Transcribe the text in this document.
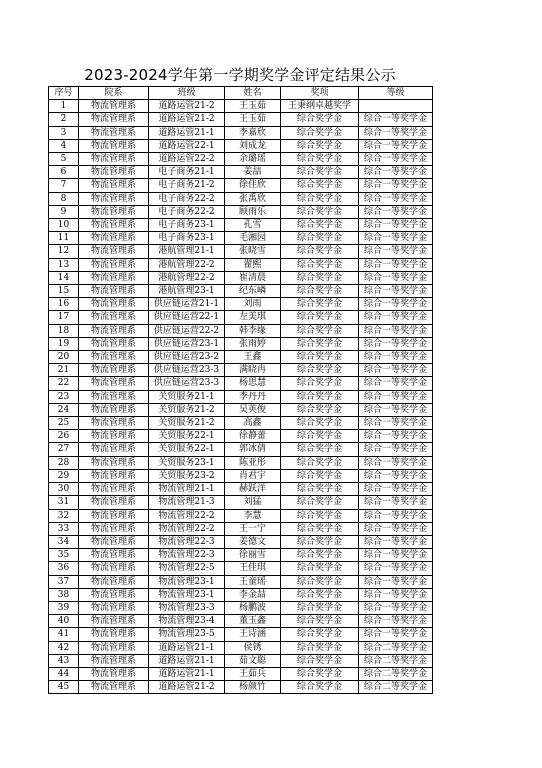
2023-2024学年第一学期奖学金评定结果公示
序号	院系	班级	姓名	奖项	等级
1	物流管理系	道路运管21-2	王玉茹	王秉纲卓越奖学	
2	物流管理系	道路运管21-2	王玉茹	综合奖学金	综合一等奖学金
3	物流管理系	道路运管21-1	李嘉欣	综合奖学金	综合一等奖学金
4	物流管理系	道路运管22-1	刘成龙	综合奖学金	综合一等奖学金
5	物流管理系	道路运管22-2	余璐瑶	综合奖学金	综合一等奖学金
6	物流管理系	电子商务21-1	姜喆	综合奖学金	综合一等奖学金
7	物流管理系	电子商务21-2	徐佳欣	综合奖学金	综合一等奖学金
8	物流管理系	电子商务22-2	张禹欣	综合奖学金	综合一等奖学金
9	物流管理系	电子商务22-2	顾雨乐	综合奖学金	综合一等奖学金
10	物流管理系	电子商务23-1	孔雪	综合奖学金	综合一等奖学金
11	物流管理系	电子商务23-1	毛湘园	综合奖学金	综合一等奖学金
12	物流管理系	港航管理21-1	张晓雪	综合奖学金	综合一等奖学金
13	物流管理系	港航管理22-2	翟熙	综合奖学金	综合一等奖学金
14	物流管理系	港航管理22-2	崔清晨	综合奖学金	综合一等奖学金
15	物流管理系	港航管理23-1	纪东嶙	综合奖学金	综合一等奖学金
16	物流管理系	供应链运营21-1	刘雨	综合奖学金	综合一等奖学金
17	物流管理系	供应链运营22-1	左美琪	综合奖学金	综合一等奖学金
18	物流管理系	供应链运营22-2	韩李缘	综合奖学金	综合一等奖学金
19	物流管理系	供应链运营23-1	张雨婷	综合奖学金	综合一等奖学金
20	物流管理系	供应链运营23-2	王鑫	综合奖学金	综合一等奖学金
21	物流管理系	供应链运营23-3	满晓冉	综合奖学金	综合一等奖学金
22	物流管理系	供应链运营23-3	杨思慧	综合奖学金	综合一等奖学金
23	物流管理系	关贸服务21-1	李丹丹	综合奖学金	综合一等奖学金
24	物流管理系	关贸服务21-2	吴英俊	综合奖学金	综合一等奖学金
25	物流管理系	关贸服务21-2	高鑫	综合奖学金	综合一等奖学金
26	物流管理系	关贸服务22-1	徐静蕾	综合奖学金	综合一等奖学金
27	物流管理系	关贸服务22-1	郭冰倩	综合奖学金	综合一等奖学金
28	物流管理系	关贸服务23-1	陈亚彤	综合奖学金	综合一等奖学金
29	物流管理系	关贸服务23-2	肖君宇	综合奖学金	综合一等奖学金
30	物流管理系	物流管理21-1	赫跃洋	综合奖学金	综合一等奖学金
31	物流管理系	物流管理21-3	刘猛	综合奖学金	综合一等奖学金
32	物流管理系	物流管理22-2	李慧	综合奖学金	综合一等奖学金
33	物流管理系	物流管理22-2	王一宁	综合奖学金	综合一等奖学金
34	物流管理系	物流管理22-3	姜德文	综合奖学金	综合一等奖学金
35	物流管理系	物流管理22-3	徐丽雪	综合奖学金	综合一等奖学金
36	物流管理系	物流管理22-5	王佳琪	综合奖学金	综合一等奖学金
37	物流管理系	物流管理23-1	王童瑶	综合奖学金	综合一等奖学金
38	物流管理系	物流管理23-1	李金喆	综合奖学金	综合一等奖学金
39	物流管理系	物流管理23-3	杨鹏波	综合奖学金	综合一等奖学金
40	物流管理系	物流管理23-4	董玉鑫	综合奖学金	综合一等奖学金
41	物流管理系	物流管理23-5	王诗涵	综合奖学金	综合一等奖学金
42	物流管理系	道路运管21-1	侯锈	综合奖学金	综合二等奖学金
43	物流管理系	道路运管21-1	茹文聪	综合奖学金	综合二等奖学金
44	物流管理系	道路运管21-1	王茹兵	综合奖学金	综合二等奖学金
45	物流管理系	道路运管21-2	杨颜竹	综合奖学金	综合二等奖学金
